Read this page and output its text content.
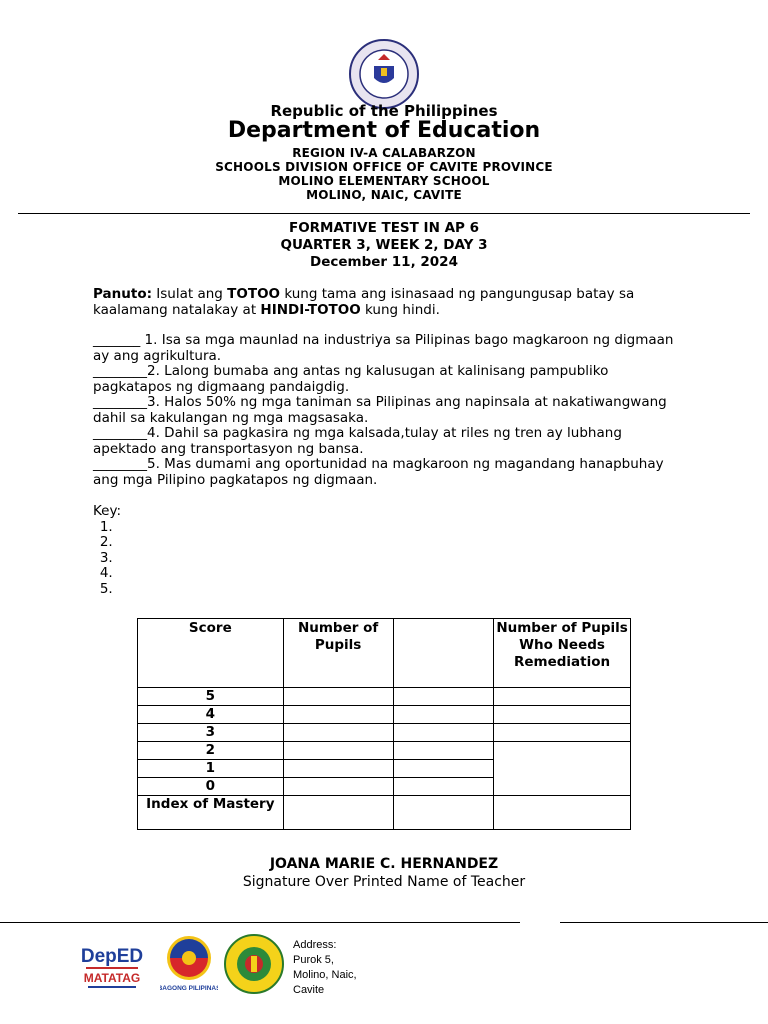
Republic of the Philippines
Department of Education
REGION IV-A CALABARZON
SCHOOLS DIVISION OFFICE OF CAVITE PROVINCE
MOLINO ELEMENTARY SCHOOL
MOLINO, NAIC, CAVITE
FORMATIVE TEST IN AP 6
QUARTER 3, WEEK 2, DAY 3
December 11, 2024
Panuto: Isulat ang TOTOO kung tama ang isinasaad ng pangungusap batay sa kaalamang natalakay at HINDI-TOTOO kung hindi.
_______ 1. Isa sa mga maunlad na industriya sa Pilipinas bago magkaroon ng digmaan ay ang agrikultura.
________2. Lalong bumaba ang antas ng kalusugan at kalinisang pampubliko pagkatapos ng digmaang pandaigdig.
________3. Halos 50% ng mga taniman sa Pilipinas ang napinsala at nakatiwangwang dahil sa kakulangan ng mga magsasaka.
________4. Dahil sa pagkasira ng mga kalsada,tulay at riles ng tren ay lubhang apektado ang transportasyon ng bansa.
________5. Mas dumami ang oportunidad na magkaroon ng magandang hanapbuhay ang mga Pilipino pagkatapos ng digmaan.
Key:
1.
2.
3.
4.
5.
Score	Number of Pupils		Number of Pupils Who Needs Remediation
5			
4			
3			
2			
1			
0			
Index of Mastery			
JOANA MARIE C. HERNANDEZ
Signature Over Printed Name of Teacher
DepED
MATATAG
BAGONG PILIPINAS
Address:
Purok 5,
Molino, Naic,
Cavite
